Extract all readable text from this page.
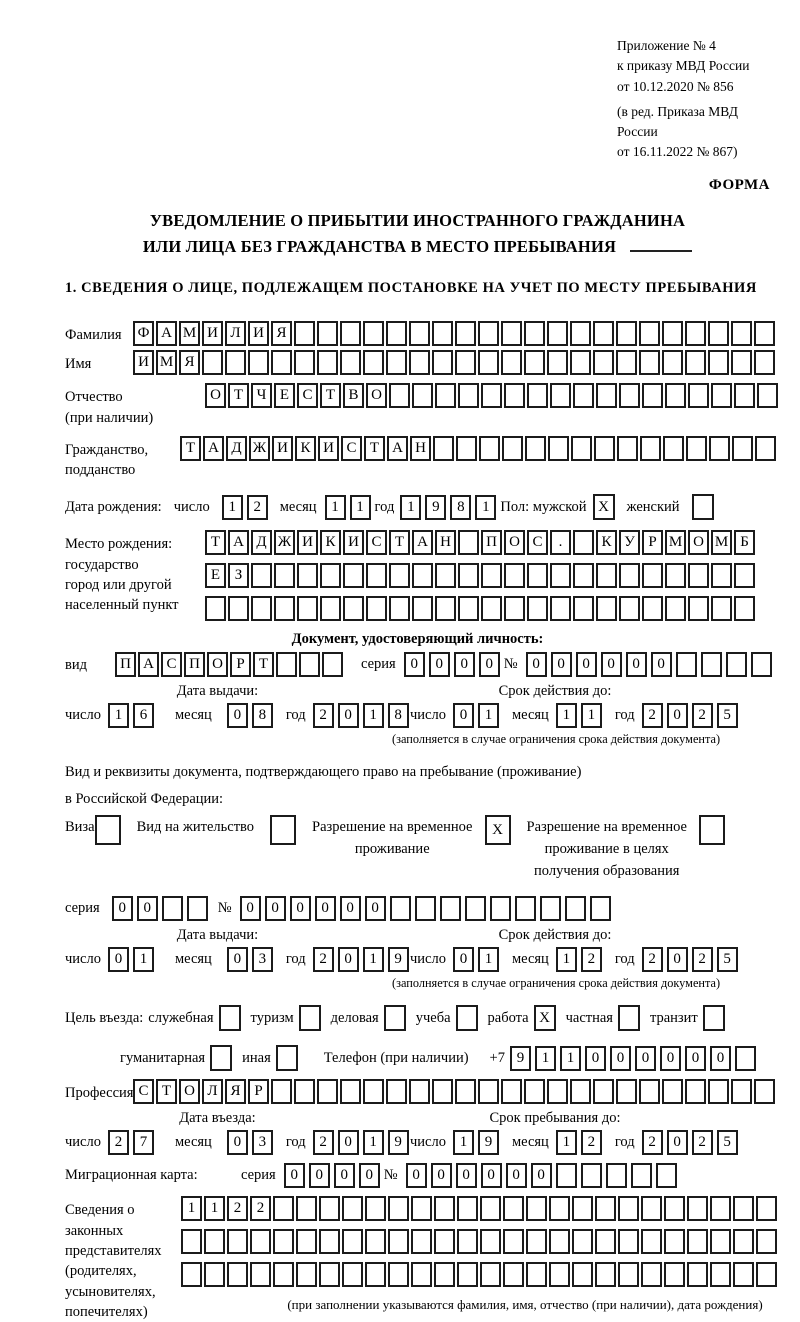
Приложение № 4
к приказу МВД России
от 10.12.2020 № 856
(в ред. Приказа МВД России
от 16.11.2022 № 867)
ФОРМА
УВЕДОМЛЕНИЕ О ПРИБЫТИИ ИНОСТРАННОГО ГРАЖДАНИНА
ИЛИ ЛИЦА БЕЗ ГРАЖДАНСТВА В МЕСТО ПРЕБЫВАНИЯ
1. СВЕДЕНИЯ О ЛИЦЕ, ПОДЛЕЖАЩЕМ ПОСТАНОВКЕ НА УЧЕТ ПО МЕСТУ ПРЕБЫВАНИЯ
Фамилия	Ф А М И Л И Я
Имя	И М Я
Отчество
(при наличии)
О Т Ч Е С Т В О
Гражданство,
подданство
Т А Д Ж И К И С Т А Н
Дата рождения: число	1	2	месяц 1	1 год 1	9	8	1 Пол: мужской X	женский
Место рождения:
государство
город или другой
населенный пункт
Т А Д Ж И К И С Т А Н	П О С	.	К У Р М О М Б
Е З
Документ, удостоверяющий личность:
вид	П А С П О Р Т	серия 0	0	0	0 № 0	0	0	0	0	0
Дата выдачи:
число 1	6	месяц	0	8	год 2	0	1	8
Срок действия до:
число 0	1	месяц 1	1	год 2	0	2	5
(заполняется в случае ограничения срока действия документа)
Вид и реквизиты документа, подтверждающего право на пребывание (проживание)
в Российской Федерации:
Виза	Вид на жительство	Разрешение на временное
проживание
X	Разрешение на временное
проживание в целях
получения образования
серия	0	0	№ 0	0	0	0	0	0
Дата выдачи:
число 0	1	месяц	0	3	год 2	0	1	9
Срок действия до:
число 0	1	месяц 1	2	год 2	0	2	5
(заполняется в случае ограничения срока действия документа)
Цель въезда: служебная	туризм	деловая	учеба	работа X	частная	транзит
гуманитарная	иная	Телефон (при наличии) +7 9	1	1	0	0	0	0	0	0
Профессия С Т О Л Я Р
Дата въезда:
число 2	7	месяц	0	3	год 2	0	1	9
Срок пребывания до:
число 1	9	месяц 1	2	год 2	0	2	5
Миграционная карта:	серия 0	0	0	0 № 0	0	0	0	0	0
Сведения о
законных
представителях
(родителях,
усыновителях,
попечителях)
1	1	2	2
(при заполнении указываются фамилия, имя, отчество (при наличии), дата рождения)
